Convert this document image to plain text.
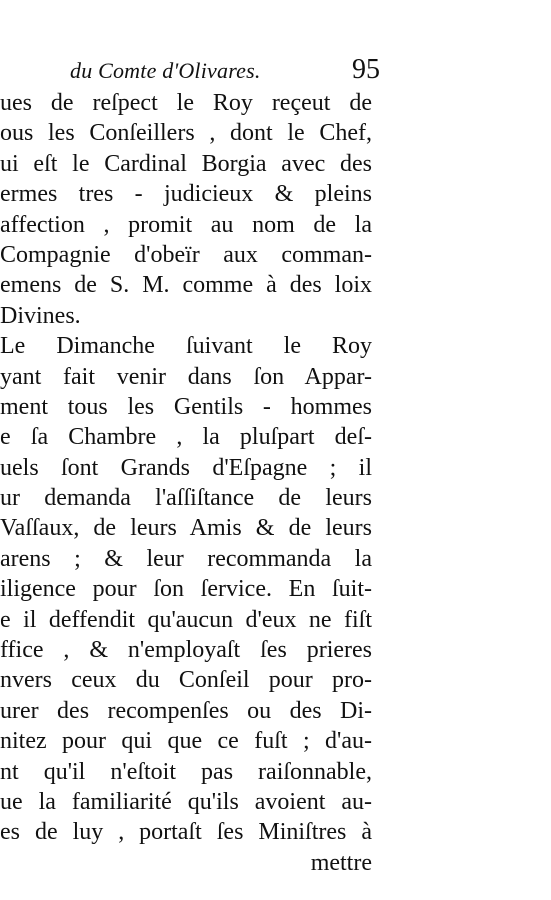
du Comte d'Olivares.	95
ues de reſpect le Roy reçeut de
ous les Conſeillers , dont le Chef,
ui eſt le Cardinal Borgia avec des
ermes tres - judicieux & pleins
affection , promit au nom de la
Compagnie d'obeïr aux comman-
emens de S. M. comme à des loix
Divines.
Le Dimanche ſuivant le Roy
yant fait venir dans ſon Appar-
ment tous les Gentils - hommes
e ſa Chambre , la pluſpart deſ-
uels ſont Grands d'Eſpagne ; il
ur demanda l'aſſiſtance de leurs
Vaſſaux, de leurs Amis & de leurs
arens ; & leur recommanda la
iligence pour ſon ſervice. En ſuit-
e il deffendit qu'aucun d'eux ne fiſt
ffice , & n'employaſt ſes prieres
nvers ceux du Conſeil pour pro-
urer des recompenſes ou des Di-
nitez pour qui que ce fuſt ; d'au-
nt qu'il n'eſtoit pas raiſonnable,
ue la familiarité qu'ils avoient au-
es de luy , portaſt ſes Miniſtres à
mettre
